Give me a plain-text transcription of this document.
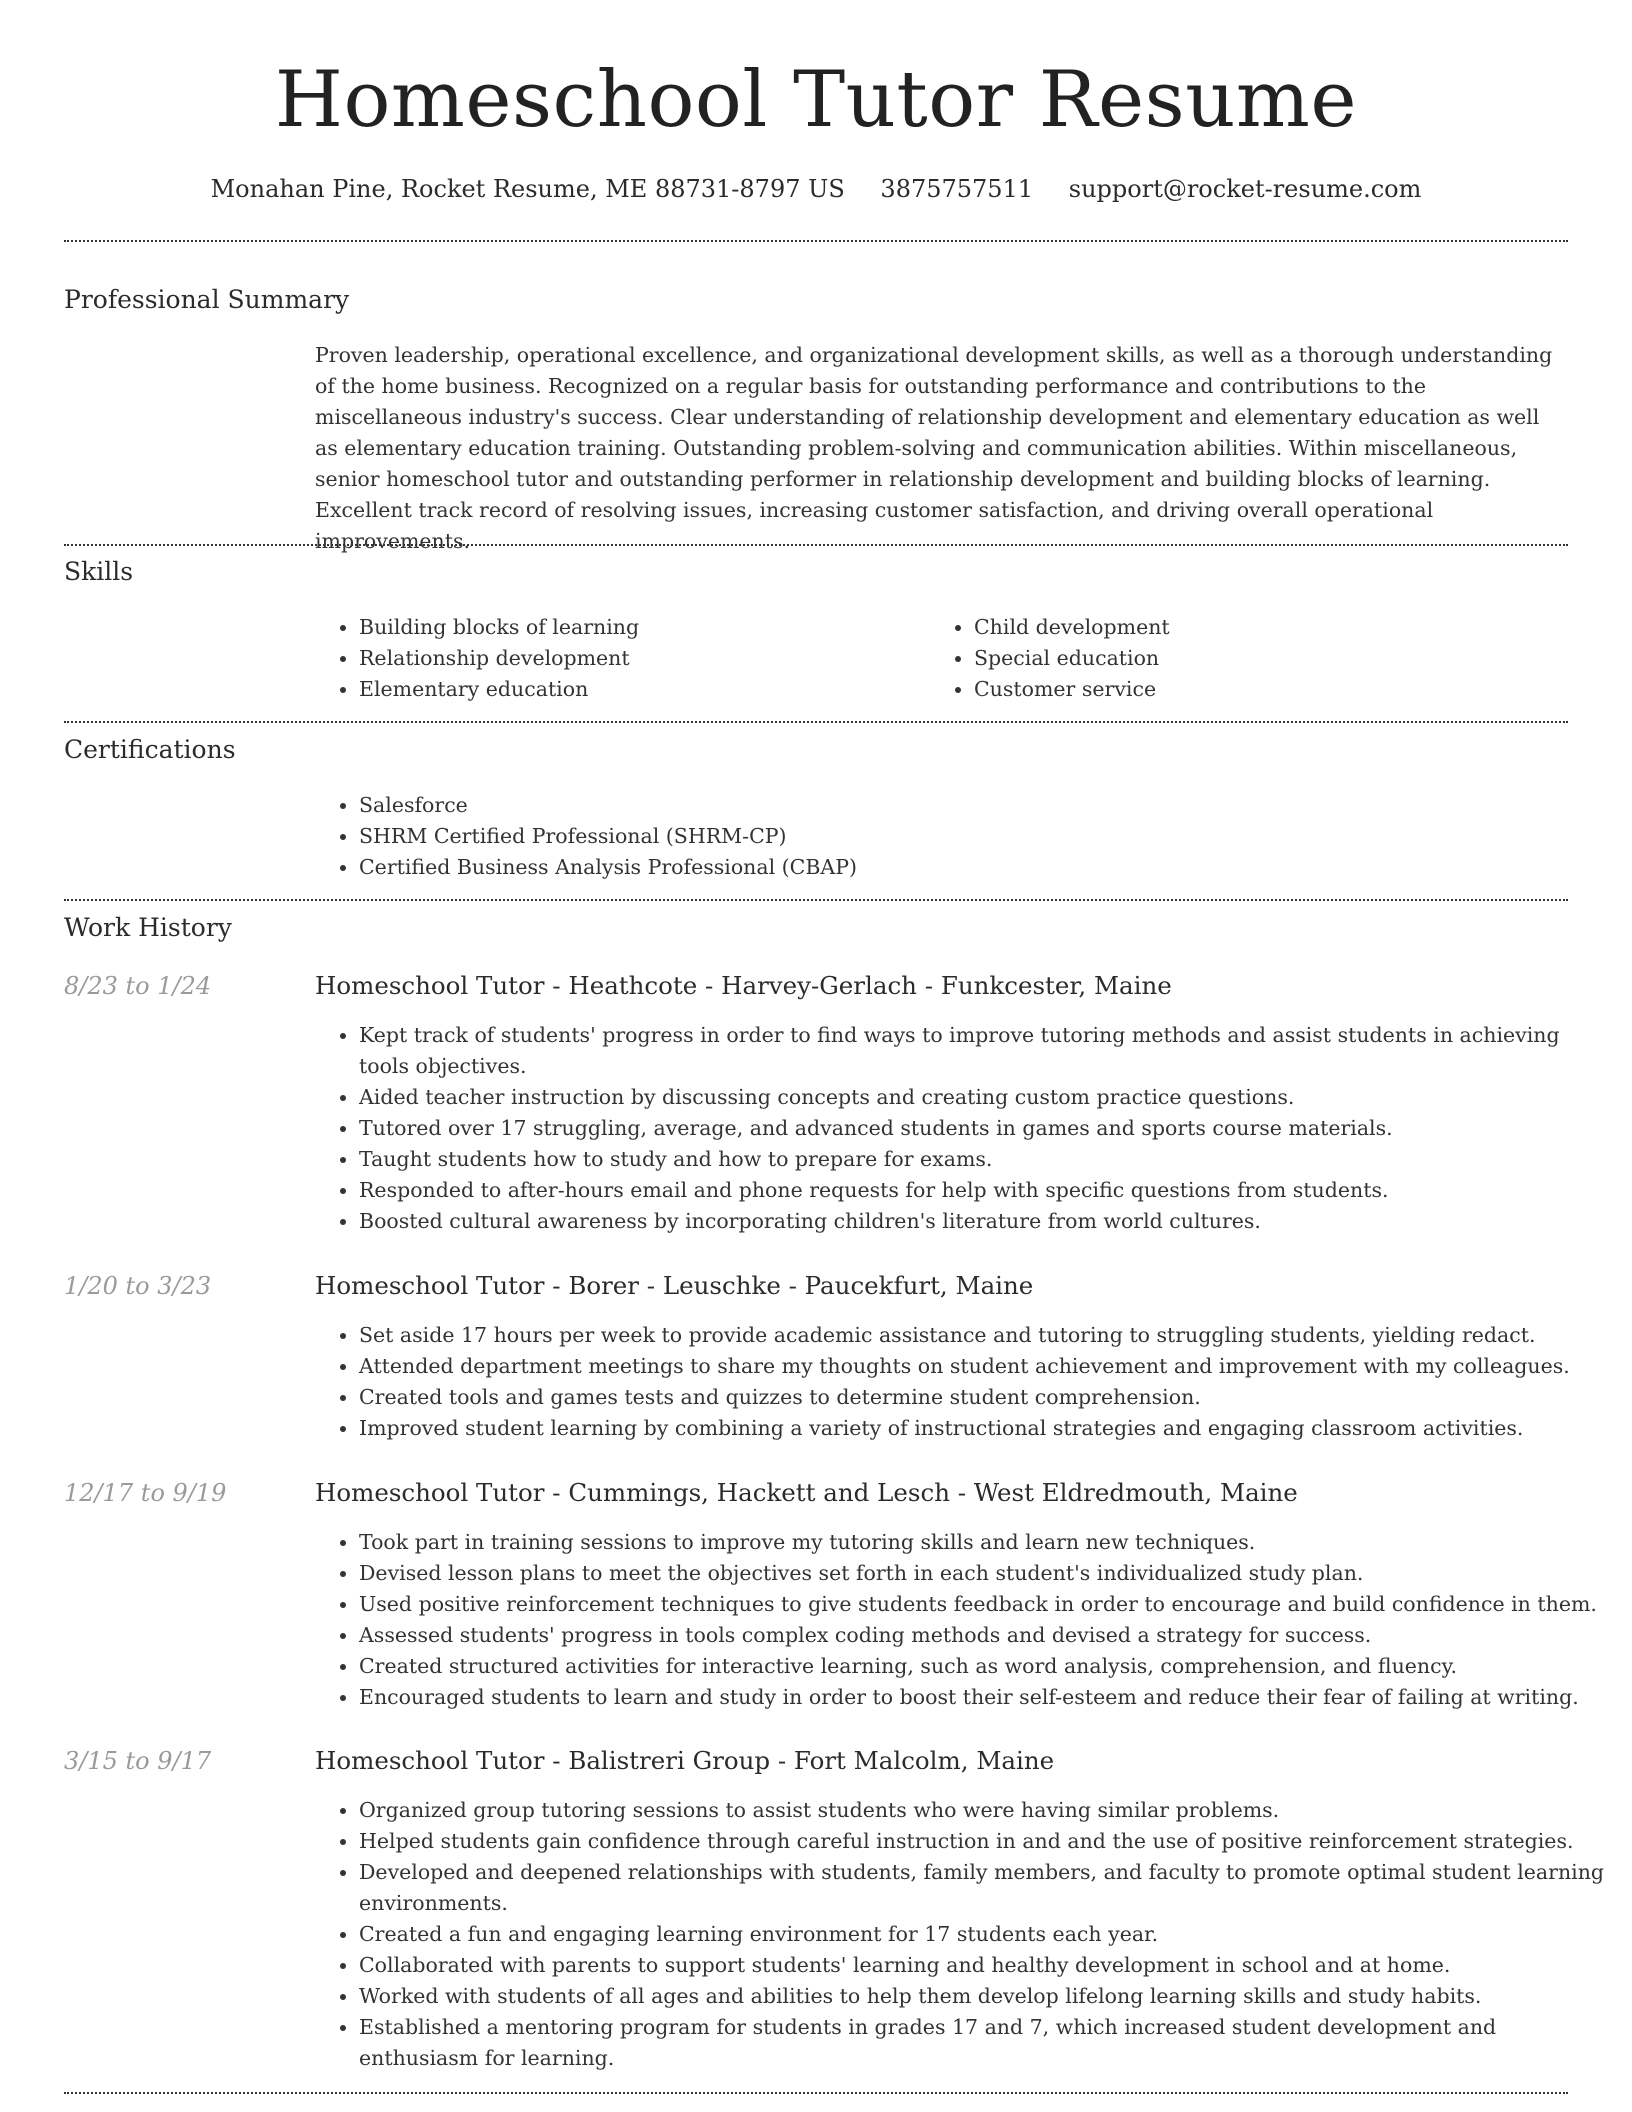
Homeschool Tutor Resume
Monahan Pine, Rocket Resume, ME 88731-8797 US 3875757511 support@rocket-resume.com
Professional Summary

Proven leadership, operational excellence, and organizational development skills, as well as a thorough understanding of the home business. Recognized on a regular basis for outstanding performance and contributions to the miscellaneous industry's success. Clear understanding of relationship development and elementary education as well as elementary education training. Outstanding problem-solving and communication abilities. Within miscellaneous, senior homeschool tutor and outstanding performer in relationship development and building blocks of learning. Excellent track record of resolving issues, increasing customer satisfaction, and driving overall operational improvements.

Skills
• Building blocks of learning
• Relationship development
• Elementary education
• Child development
• Special education
• Customer service
Certifications
• Salesforce
• SHRM Certified Professional (SHRM-CP)
• Certified Business Analysis Professional (CBAP)
Work History
8/23 to 1/24	Homeschool Tutor - Heathcote - Harvey-Gerlach - Funkcester, Maine
• Kept track of students' progress in order to find ways to improve tutoring methods and assist students in achieving tools objectives.
• Aided teacher instruction by discussing concepts and creating custom practice questions.
• Tutored over 17 struggling, average, and advanced students in games and sports course materials.
• Taught students how to study and how to prepare for exams.
• Responded to after-hours email and phone requests for help with specific questions from students.
• Boosted cultural awareness by incorporating children's literature from world cultures.
1/20 to 3/23	Homeschool Tutor - Borer - Leuschke - Paucekfurt, Maine
• Set aside 17 hours per week to provide academic assistance and tutoring to struggling students, yielding redact.
• Attended department meetings to share my thoughts on student achievement and improvement with my colleagues.
• Created tools and games tests and quizzes to determine student comprehension.
• Improved student learning by combining a variety of instructional strategies and engaging classroom activities.
12/17 to 9/19	Homeschool Tutor - Cummings, Hackett and Lesch - West Eldredmouth, Maine
• Took part in training sessions to improve my tutoring skills and learn new techniques.
• Devised lesson plans to meet the objectives set forth in each student's individualized study plan.
• Used positive reinforcement techniques to give students feedback in order to encourage and build confidence in them.
• Assessed students' progress in tools complex coding methods and devised a strategy for success.
• Created structured activities for interactive learning, such as word analysis, comprehension, and fluency.
• Encouraged students to learn and study in order to boost their self-esteem and reduce their fear of failing at writing.
3/15 to 9/17	Homeschool Tutor - Balistreri Group - Fort Malcolm, Maine
• Organized group tutoring sessions to assist students who were having similar problems.
• Helped students gain confidence through careful instruction in and and the use of positive reinforcement strategies.
• Developed and deepened relationships with students, family members, and faculty to promote optimal student learning environments.
• Created a fun and engaging learning environment for 17 students each year.
• Collaborated with parents to support students' learning and healthy development in school and at home.
• Worked with students of all ages and abilities to help them develop lifelong learning skills and study habits.
• Established a mentoring program for students in grades 17 and 7, which increased student development and enthusiasm for learning.
